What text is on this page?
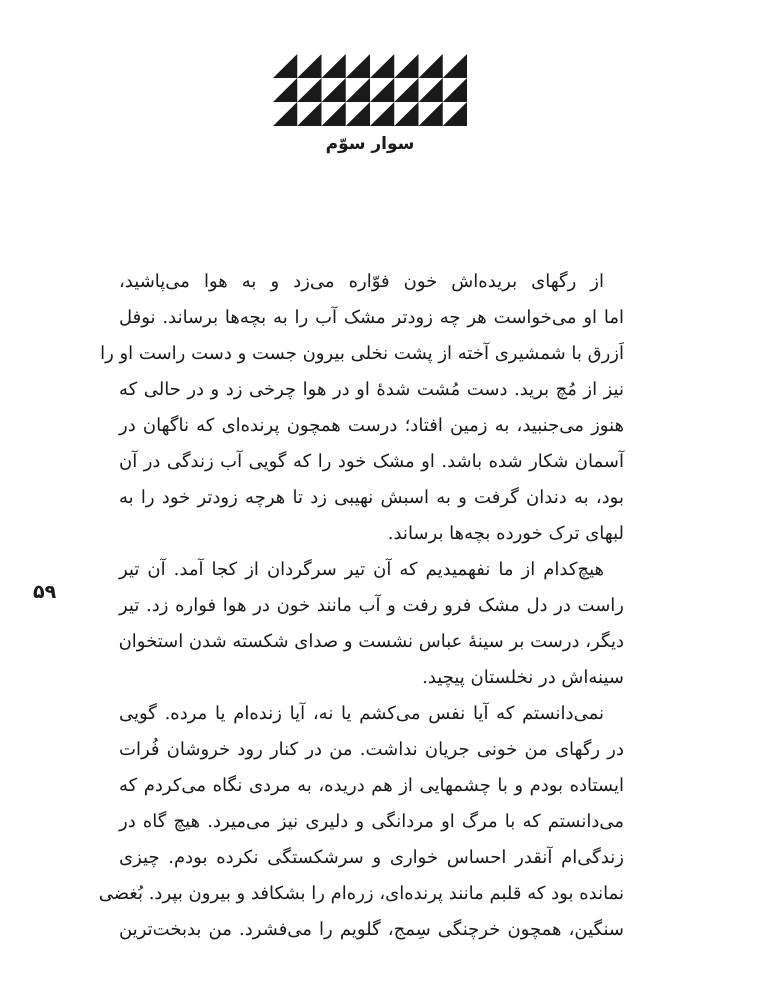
سوار سوّم
۵۹
از رگهای بریده‌اش خون فوّاره می‌زد و به هوا می‌پاشید،
اما او می‌خواست هر چه زودتر مشک آب را به بچه‌ها برساند. نوفل
اَزرق با شمشیری آخته از پشت نخلی بیرون جست و دست راست او را
نیز از مُچ برید. دست مُشت شدهٔ او در هوا چرخی زد و در حالی که
هنوز می‌جنبید، به زمین افتاد؛ درست همچون پرنده‌ای که ناگهان در
آسمان شکار شده باشد. او مشک خود را که گویی آب زندگی در آن
بود، به دندان گرفت و به اسبش نهیبی زد تا هرچه زودتر خود را به
لبهای ترک خورده بچه‌ها برساند.
هیچ‌کدام از ما نفهمیدیم که آن تیر سرگردان از کجا آمد. آن تیر
راست در دل مشک فرو رفت و آب مانند خون در هوا فواره زد. تیر
دیگر، درست بر سینهٔ عباس نشست و صدای شکسته شدن استخوان
سینه‌اش در نخلستان پیچید.
نمی‌دانستم که آیا نفس می‌کشم یا نه، آیا زنده‌ام یا مرده. گویی
در رگهای من خونی جریان نداشت. من در کنار رود خروشان فُرات
ایستاده بودم و با چشمهایی از هم دریده، به مردی نگاه می‌کردم که
می‌دانستم که با مرگ او مردانگی و دلیری نیز می‌میرد. هیچ گاه در
زندگی‌ام آنقدر احساس خواری و سرشکستگی نکرده بودم. چیزی
نمانده بود که قلبم مانند پرنده‌ای، زره‌ام را بشکافد و بیرون بپرد. بُغضی
سنگین، همچون خرچنگی سِمج، گلویم را می‌فشرد. من بدبخت‌ترین
